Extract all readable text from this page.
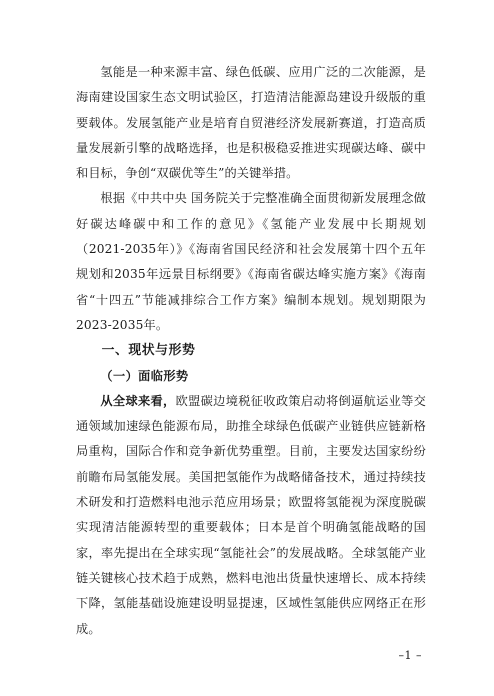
氢能是一种来源丰富、绿色低碳、应用广泛的二次能源，是海南建设国家生态文明试验区，打造清洁能源岛建设升级版的重要载体。发展氢能产业是培育自贸港经济发展新赛道，打造高质量发展新引擎的战略选择，也是积极稳妥推进实现碳达峰、碳中和目标，争创“双碳优等生”的关键举措。

根据《中共中央 国务院关于完整准确全面贯彻新发展理念做好碳达峰碳中和工作的意见》《氢能产业发展中长期规划（2021-2035年）》《海南省国民经济和社会发展第十四个五年规划和2035年远景目标纲要》《海南省碳达峰实施方案》《海南省“十四五”节能减排综合工作方案》编制本规划。规划期限为2023-2035年。

一、现状与形势

（一）面临形势

从全球来看，欧盟碳边境税征收政策启动将倒逼航运业等交通领域加速绿色能源布局，助推全球绿色低碳产业链供应链新格局重构，国际合作和竞争新优势重塑。目前，主要发达国家纷纷前瞻布局氢能发展。美国把氢能作为战略储备技术，通过持续技术研发和打造燃料电池示范应用场景；欧盟将氢能视为深度脱碳实现清洁能源转型的重要载体；日本是首个明确氢能战略的国家，率先提出在全球实现“氢能社会”的发展战略。全球氢能产业链关键核心技术趋于成熟，燃料电池出货量快速增长、成本持续下降，氢能基础设施建设明显提速，区域性氢能供应网络正在形成。

–1 –
